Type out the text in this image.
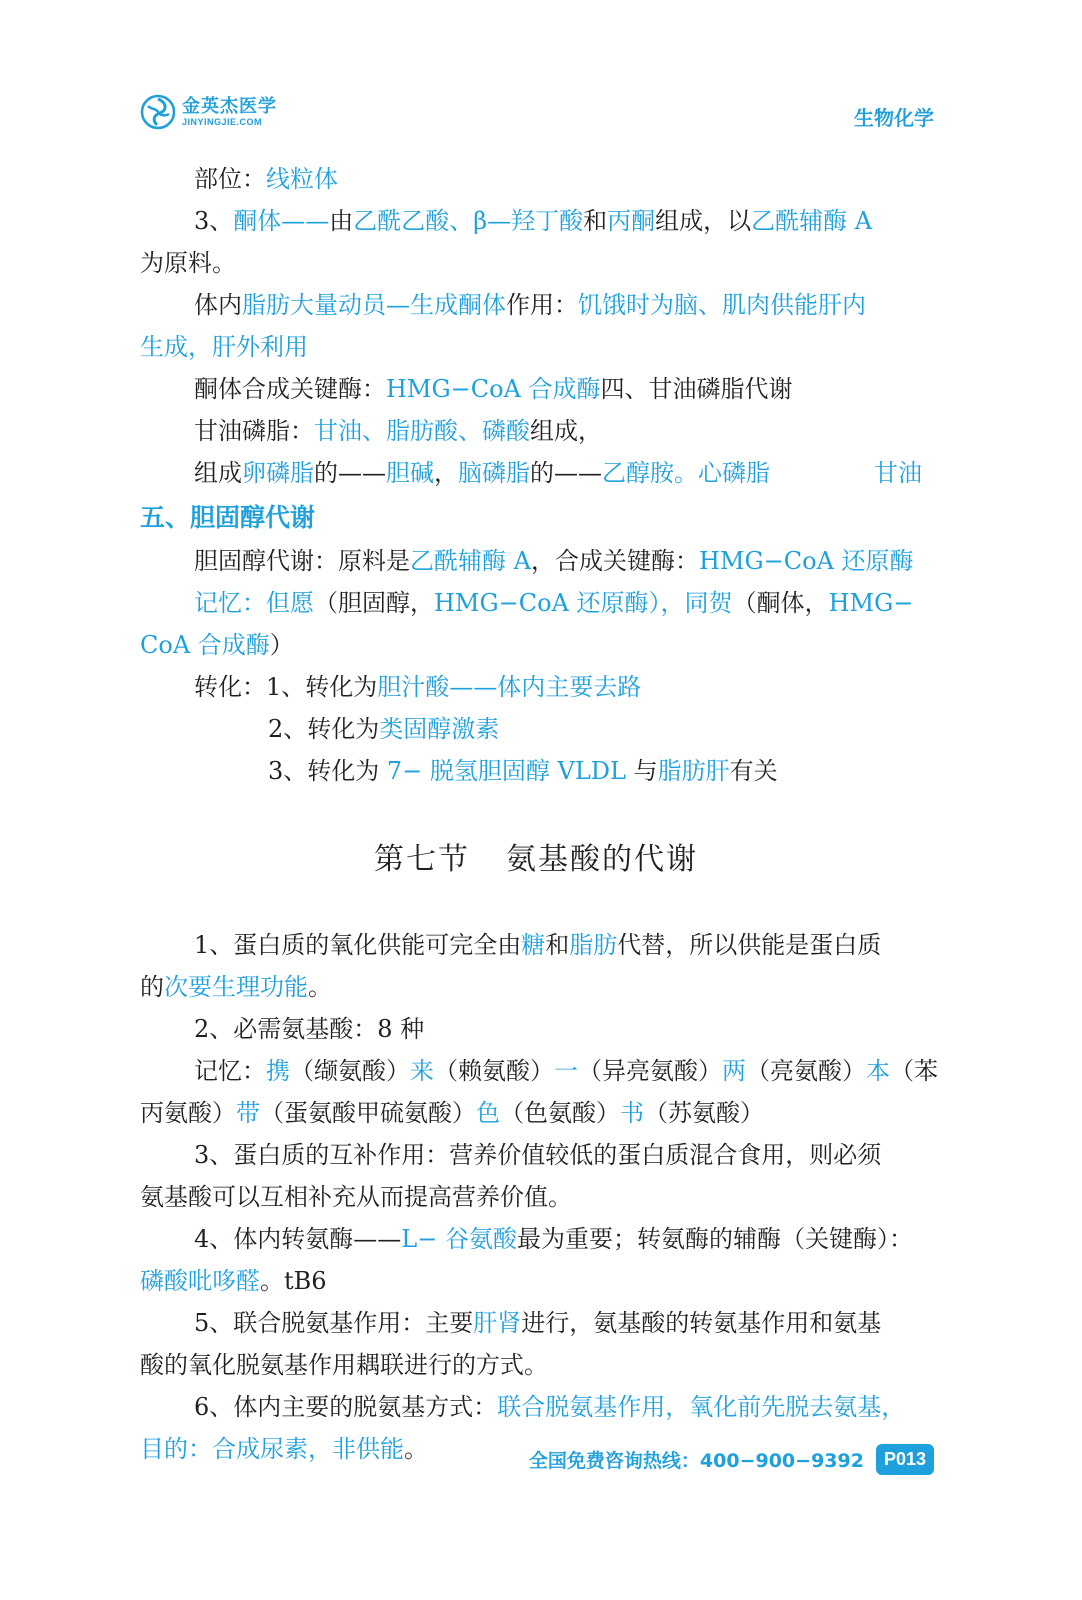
金英杰医学
JINYINGJIE.COM	生物化学
部位：线粒体
3、酮体——由乙酰乙酸、β—羟丁酸和丙酮组成，以乙酰辅酶 A
为原料。
体内脂肪大量动员—生成酮体作用：饥饿时为脑、肌肉供能肝内
生成，肝外利用
酮体合成关键酶：HMG−CoA 合成酶四、甘油磷脂代谢
甘油磷脂：甘油、脂肪酸、磷酸组成，
组成卵磷脂的——胆碱，脑磷脂的——乙醇胺。心磷脂	甘油
五、胆固醇代谢
胆固醇代谢：原料是乙酰辅酶 A，合成关键酶：HMG−CoA 还原酶
记忆：但愿（胆固醇，HMG−CoA 还原酶），同贺（酮体，HMG−
CoA 合成酶）
转化：1、转化为胆汁酸——体内主要去路
2、转化为类固醇激素
3、转化为 7− 脱氢胆固醇 VLDL 与脂肪肝有关
第七节 氨基酸的代谢
1、蛋白质的氧化供能可完全由糖和脂肪代替，所以供能是蛋白质
的次要生理功能。
2、必需氨基酸：8 种
记忆：携（缬氨酸）来（赖氨酸）一（异亮氨酸）两（亮氨酸）本（苯
丙氨酸）带（蛋氨酸甲硫氨酸）色（色氨酸）书（苏氨酸）
3、蛋白质的互补作用：营养价值较低的蛋白质混合食用，则必须
氨基酸可以互相补充从而提高营养价值。
4、体内转氨酶——L− 谷氨酸最为重要；转氨酶的辅酶（关键酶）：
磷酸吡哆醛。tB6
5、联合脱氨基作用：主要肝肾进行，氨基酸的转氨基作用和氨基
酸的氧化脱氨基作用耦联进行的方式。
6、体内主要的脱氨基方式：联合脱氨基作用，氧化前先脱去氨基，
目的：合成尿素，非供能。	全国免费咨询热线：400−900−9392	P013
